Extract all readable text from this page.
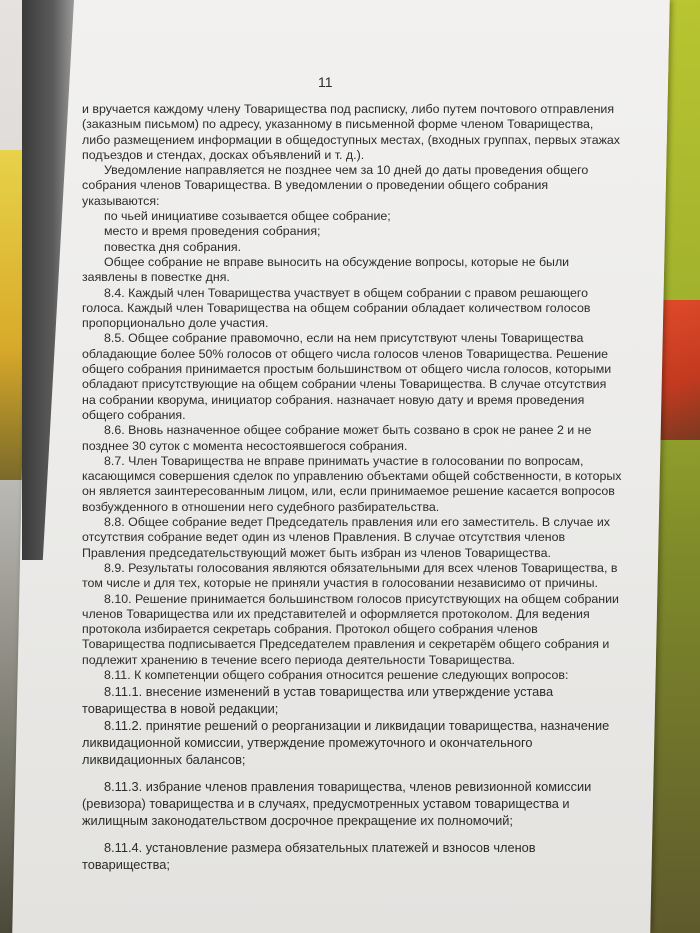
11

и вручается каждому члену Товарищества под расписку, либо путем почтового отправления (заказным письмом) по адресу, указанному в письменной форме членом Товарищества, либо размещением информации в общедоступных местах, (входных группах, первых этажах подъездов и стендах, досках объявлений и т. д.).

Уведомление направляется не позднее чем за 10 дней до даты проведения общего собрания членов Товарищества. В уведомлении о проведении общего собрания указываются:

по чьей инициативе созывается общее собрание;

место и время проведения собрания;

повестка дня собрания.

Общее собрание не вправе выносить на обсуждение вопросы, которые не были заявлены в повестке дня.

8.4. Каждый член Товарищества участвует в общем собрании с правом решающего голоса. Каждый член Товарищества на общем собрании обладает количеством голосов пропорционально доле участия.

8.5. Общее собрание правомочно, если на нем присутствуют члены Товарищества обладающие более 50% голосов от общего числа голосов членов Товарищества. Решение общего собрания принимается простым большинством от общего числа голосов, которыми обладают присутствующие на общем собрании члены Товарищества. В случае отсутствия на собрании кворума, инициатор собрания. назначает новую дату и время проведения общего собрания.

8.6. Вновь назначенное общее собрание может быть созвано в срок не ранее 2 и не позднее 30 суток с момента несостоявшегося собрания.

8.7. Член Товарищества не вправе принимать участие в голосовании по вопросам, касающимся совершения сделок по управлению объектами общей собственности, в которых он является заинтересованным лицом, или, если принимаемое решение касается вопросов возбужденного в отношении него судебного разбирательства.

8.8. Общее собрание ведет Председатель правления или его заместитель. В случае их отсутствия собрание ведет один из членов Правления. В случае отсутствия членов Правления председательствующий может быть избран из членов Товарищества.

8.9. Результаты голосования являются обязательными для всех членов Товарищества, в том числе и для тех, которые не приняли участия в голосовании независимо от причины.

8.10. Решение принимается большинством голосов присутствующих на общем собрании членов Товарищества или их представителей и оформляется протоколом. Для ведения протокола избирается секретарь собрания. Протокол общего собрания членов Товарищества подписывается Председателем правления и секретарём общего собрания и подлежит хранению в течение всего периода деятельности Товарищества.

8.11. К компетенции общего собрания относится решение следующих вопросов:

8.11.1. внесение изменений в устав товарищества или утверждение устава товарищества в новой редакции;

8.11.2. принятие решений о реорганизации и ликвидации товарищества, назначение ликвидационной комиссии, утверждение промежуточного и окончательного ликвидационных балансов;

8.11.3. избрание членов правления товарищества, членов ревизионной комиссии (ревизора) товарищества и в случаях, предусмотренных уставом товарищества и жилищным законодательством досрочное прекращение их полномочий;

8.11.4. установление размера обязательных платежей и взносов членов товарищества;
